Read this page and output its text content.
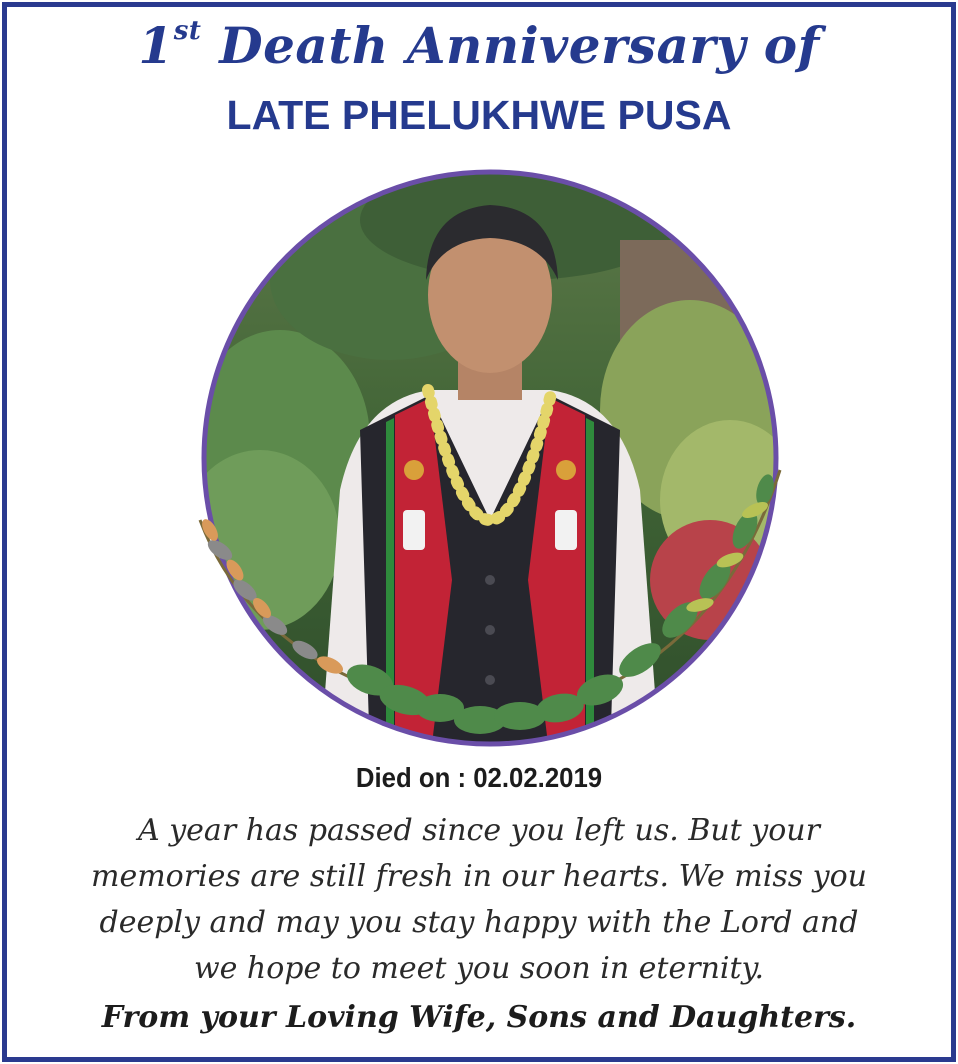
1st Death Anniversary of
LATE PHELUKHWE PUSA
Died on : 02.02.2019
A year has passed since you left us. But your
memories are still fresh in our hearts. We miss you
deeply and may you stay happy with the Lord and
we hope to meet you soon in eternity.
From your Loving Wife, Sons and Daughters.
